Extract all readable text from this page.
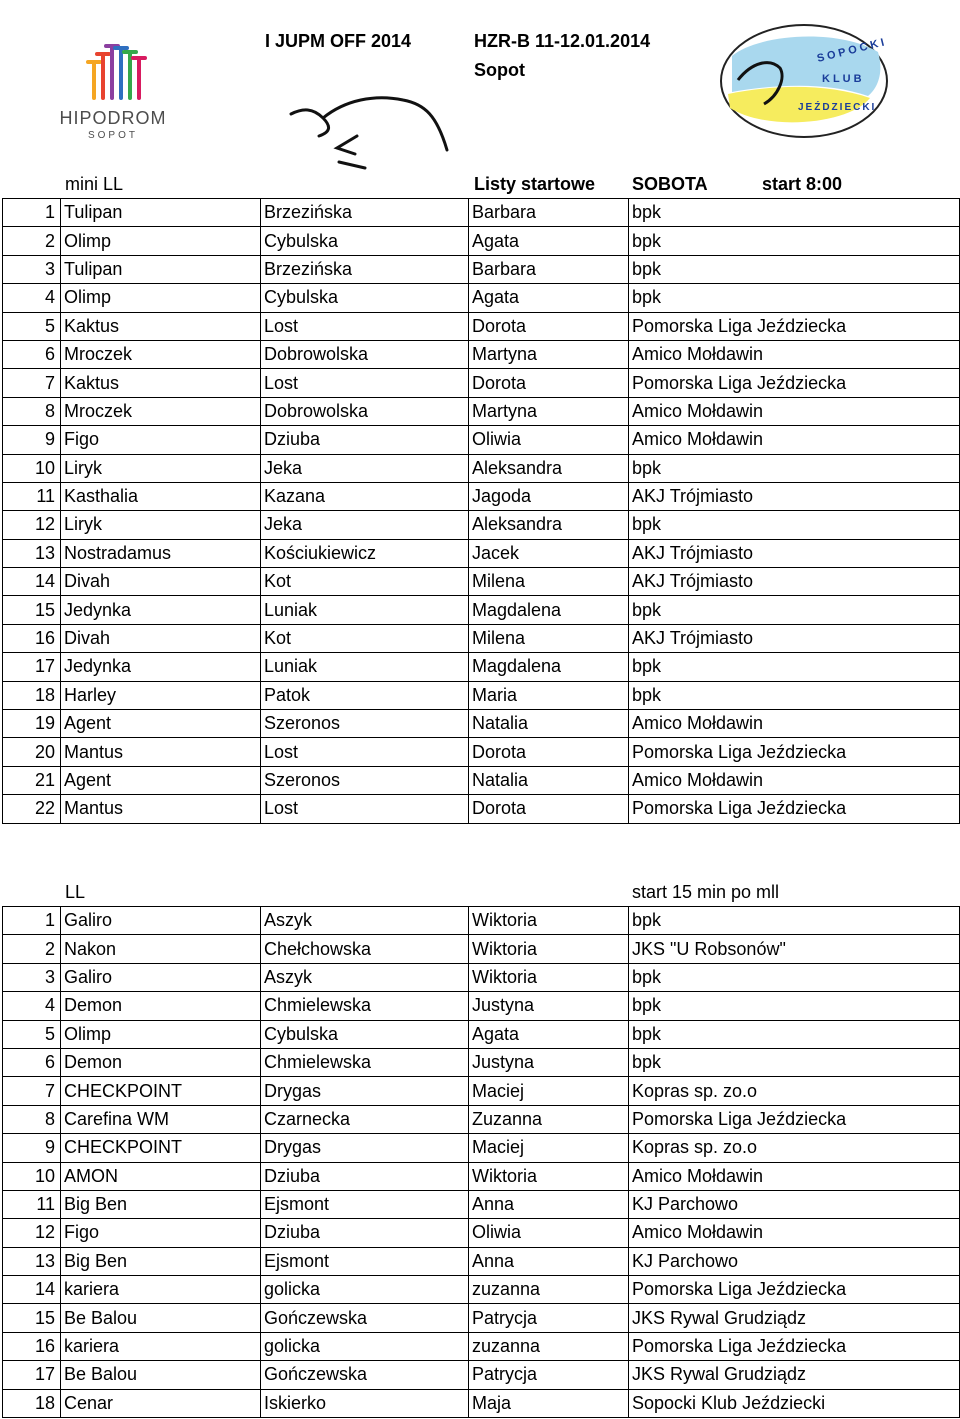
HIPODROM
SOPOT
I JUPM OFF 2014	HZR-B 11-12.01.2014
Sopot
SOPOCKI
KLUB
JEŹDZIECKI
mini LL	Listy startowe SOBOTA	start 8:00
1	Tulipan	Brzezińska	Barbara	bpk
2	Olimp	Cybulska	Agata	bpk
3	Tulipan	Brzezińska	Barbara	bpk
4	Olimp	Cybulska	Agata	bpk
5	Kaktus	Lost	Dorota	Pomorska Liga Jeździecka
6	Mroczek	Dobrowolska	Martyna	Amico Mołdawin
7	Kaktus	Lost	Dorota	Pomorska Liga Jeździecka
8	Mroczek	Dobrowolska	Martyna	Amico Mołdawin
9	Figo	Dziuba	Oliwia	Amico Mołdawin
10	Liryk	Jeka	Aleksandra	bpk
11	Kasthalia	Kazana	Jagoda	AKJ Trójmiasto
12	Liryk	Jeka	Aleksandra	bpk
13	Nostradamus	Kościukiewicz	Jacek	AKJ Trójmiasto
14	Divah	Kot	Milena	AKJ Trójmiasto
15	Jedynka	Luniak	Magdalena	bpk
16	Divah	Kot	Milena	AKJ Trójmiasto
17	Jedynka	Luniak	Magdalena	bpk
18	Harley	Patok	Maria	bpk
19	Agent	Szeronos	Natalia	Amico Mołdawin
20	Mantus	Lost	Dorota	Pomorska Liga Jeździecka
21	Agent	Szeronos	Natalia	Amico Mołdawin
22	Mantus	Lost	Dorota	Pomorska Liga Jeździecka
LL	start 15 min po mll
1	Galiro	Aszyk	Wiktoria	bpk
2	Nakon	Chełchowska	Wiktoria	JKS "U Robsonów"
3	Galiro	Aszyk	Wiktoria	bpk
4	Demon	Chmielewska	Justyna	bpk
5	Olimp	Cybulska	Agata	bpk
6	Demon	Chmielewska	Justyna	bpk
7	CHECKPOINT	Drygas	Maciej	Kopras sp. zo.o
8	Carefina WM	Czarnecka	Zuzanna	Pomorska Liga Jeździecka
9	CHECKPOINT	Drygas	Maciej	Kopras sp. zo.o
10	AMON	Dziuba	Wiktoria	Amico Mołdawin
11	Big Ben	Ejsmont	Anna	KJ Parchowo
12	Figo	Dziuba	Oliwia	Amico Mołdawin
13	Big Ben	Ejsmont	Anna	KJ Parchowo
14	kariera	golicka	zuzanna	Pomorska Liga Jeździecka
15	Be Balou	Gończewska	Patrycja	JKS Rywal Grudziądz
16	kariera	golicka	zuzanna	Pomorska Liga Jeździecka
17	Be Balou	Gończewska	Patrycja	JKS Rywal Grudziądz
18	Cenar	Iskierko	Maja	Sopocki Klub Jeździecki
